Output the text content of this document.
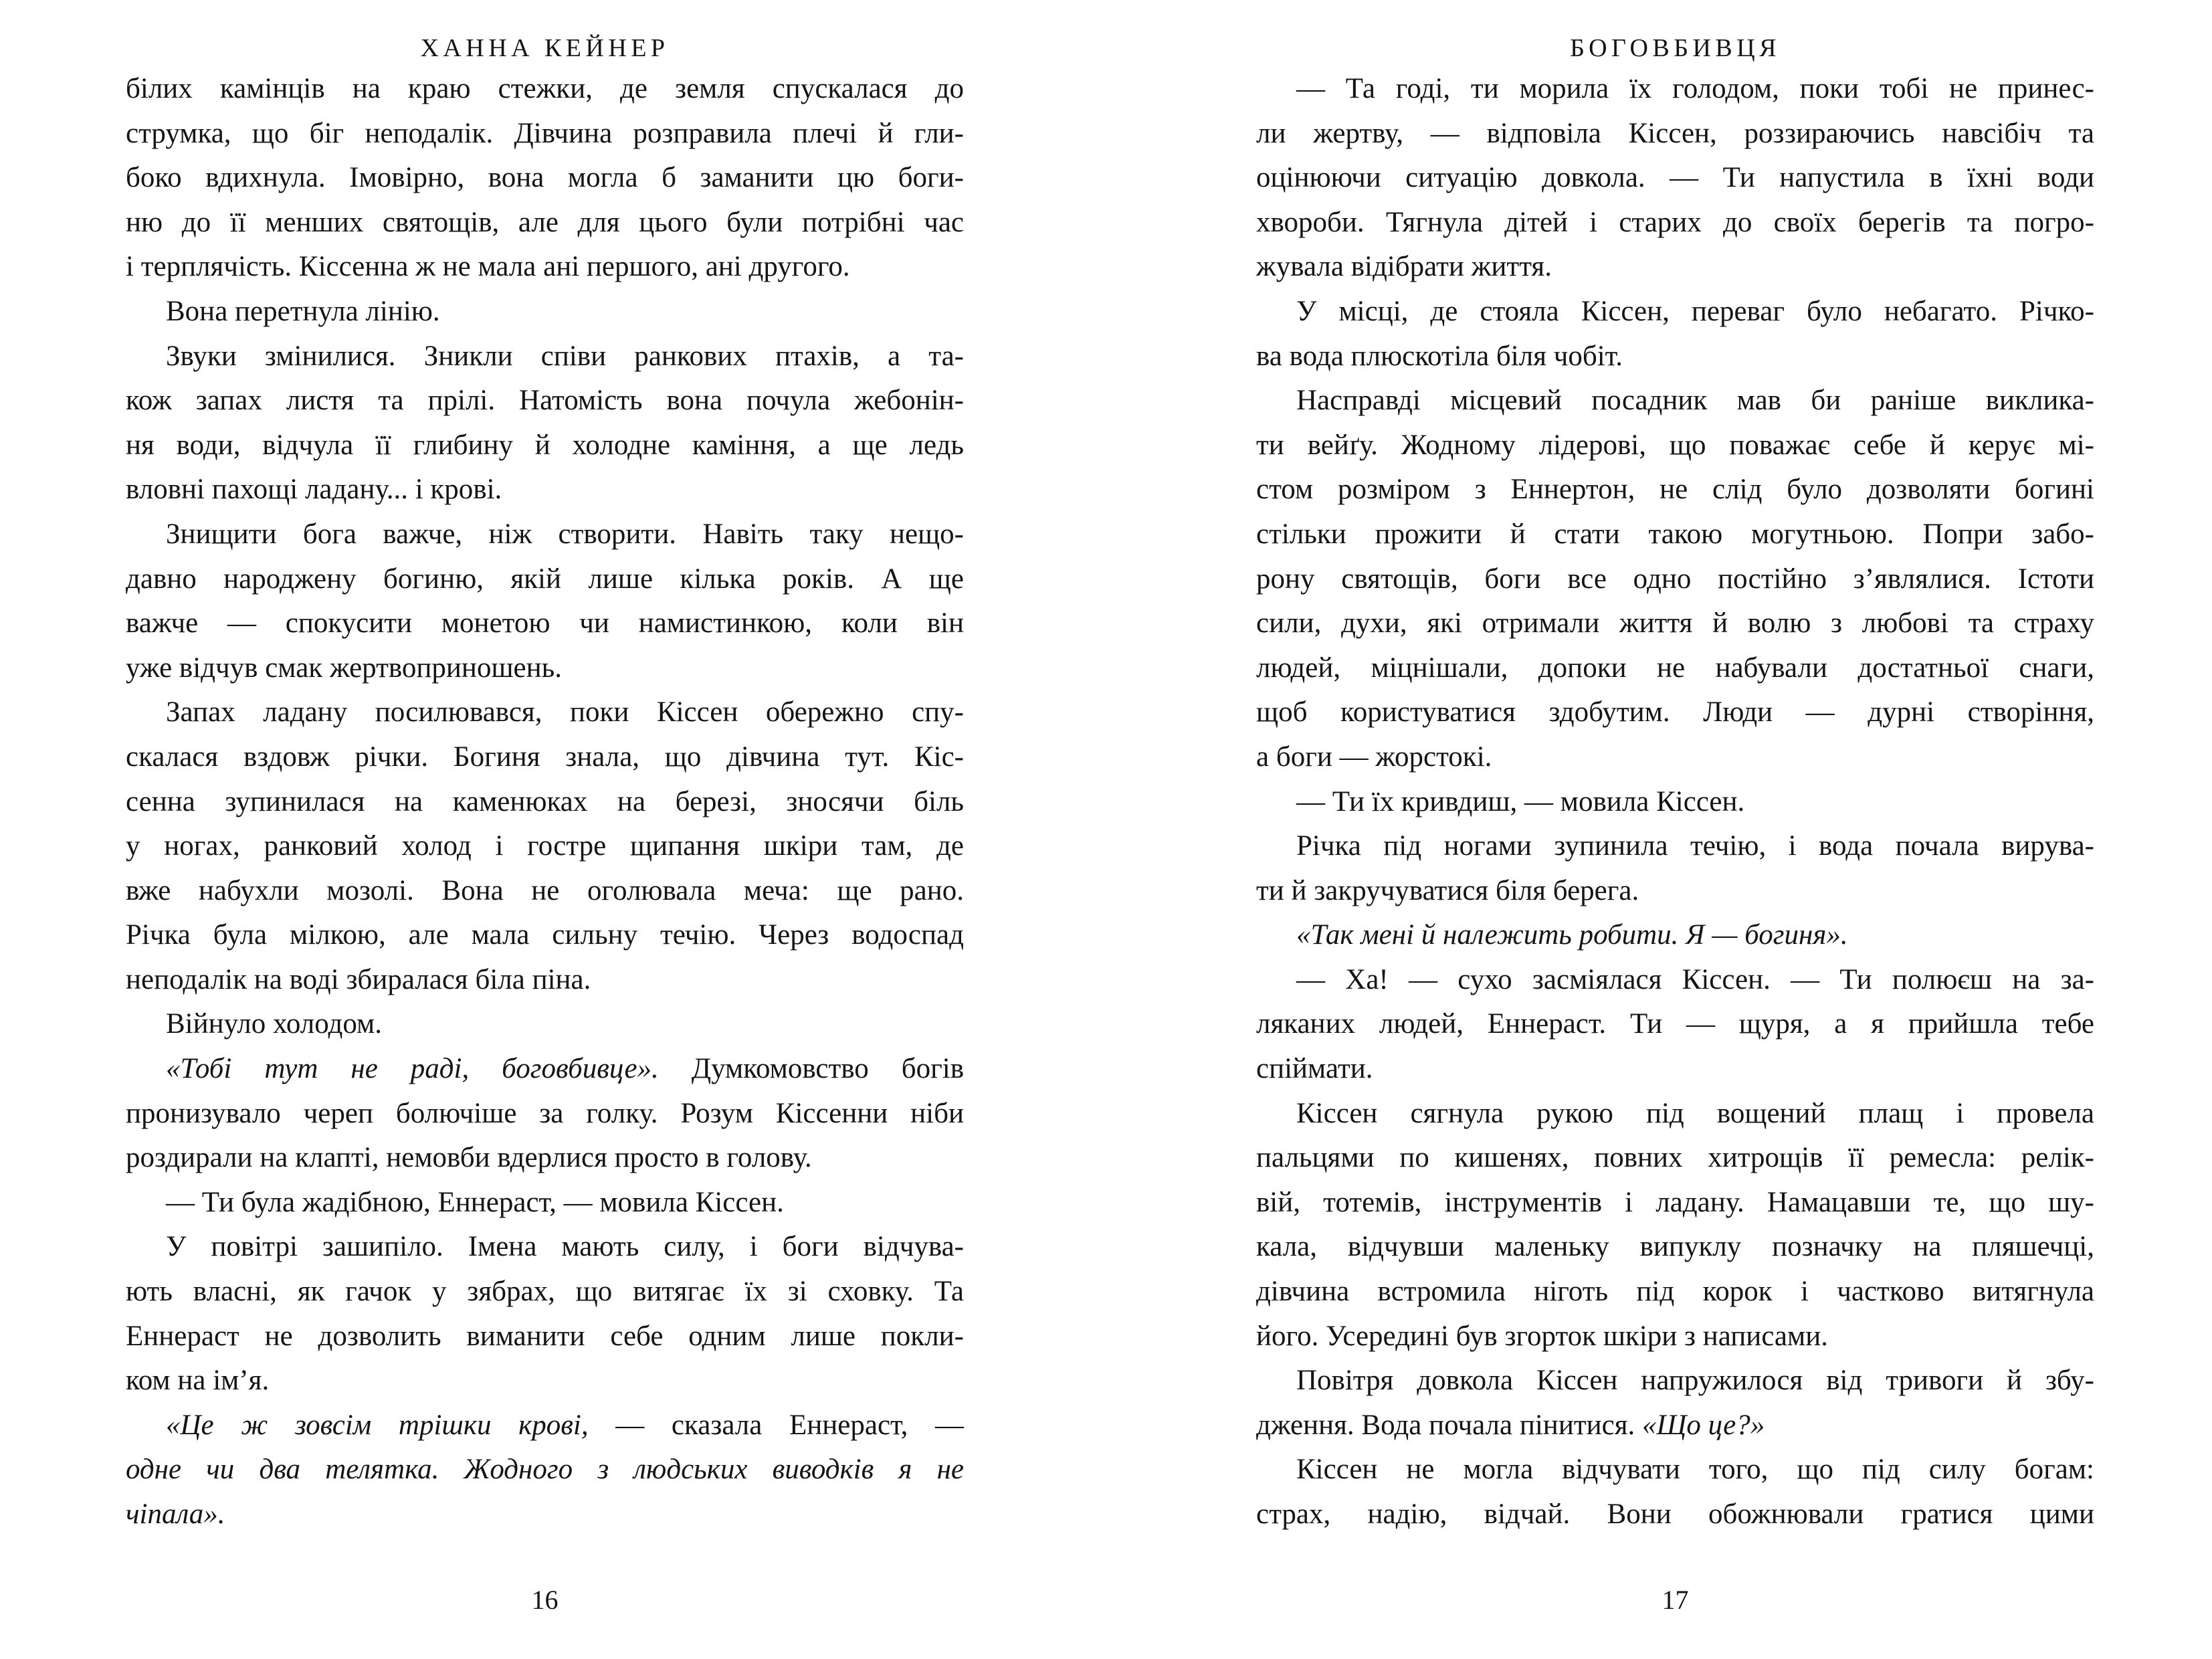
ХАННА КЕЙНЕР
білих камінців на краю стежки, де земля спускалася до
струмка, що біг неподалік. Дівчина розправила плечі й гли-
боко вдихнула. Імовірно, вона могла б заманити цю боги-
ню до її менших святощів, але для цього були потрібні час
і терплячість. Кіссенна ж не мала ані першого, ані другого.
Вона перетнула лінію.
Звуки змінилися. Зникли співи ранкових птахів, а та-
кож запах листя та прілі. Натомість вона почула жебонін-
ня води, відчула її глибину й холодне каміння, а ще ледь
вловні пахощі ладану... і крові.
Знищити бога важче, ніж створити. Навіть таку нещо-
давно народжену богиню, якій лише кілька років. А ще
важче — спокусити монетою чи намистинкою, коли він
уже відчув смак жертвоприношень.
Запах ладану посилювався, поки Кіссен обережно спу-
скалася вздовж річки. Богиня знала, що дівчина тут. Кіс-
сенна зупинилася на каменюках на березі, зносячи біль
у ногах, ранковий холод і гостре щипання шкіри там, де
вже набухли мозолі. Вона не оголювала меча: ще рано.
Річка була мілкою, але мала сильну течію. Через водоспад
неподалік на воді збиралася біла піна.
Війнуло холодом.
«Тобі тут не раді, боговбивце». Думкомовство богів
пронизувало череп болючіше за голку. Розум Кіссенни ніби
роздирали на клапті, немовби вдерлися просто в голову.
— Ти була жадібною, Еннераст, — мовила Кіссен.
У повітрі зашипіло. Імена мають силу, і боги відчува-
ють власні, як гачок у зябрах, що витягає їх зі сховку. Та
Еннераст не дозволить виманити себе одним лише покли-
ком на ім’я.
«Це ж зовсім трішки крові, — сказала Еннераст, —
одне чи два телятка. Жодного з людських виводків я не
чіпала».
16
БОГОВБИВЦЯ
— Та годі, ти морила їх голодом, поки тобі не принес-
ли жертву, — відповіла Кіссен, роззираючись навсібіч та
оцінюючи ситуацію довкола. — Ти напустила в їхні води
хвороби. Тягнула дітей і старих до своїх берегів та погро-
жувала відібрати життя.
У місці, де стояла Кіссен, переваг було небагато. Річко-
ва вода плюскотіла біля чобіт.
Насправді місцевий посадник мав би раніше виклика-
ти вейґу. Жодному лідерові, що поважає себе й керує мі-
стом розміром з Еннертон, не слід було дозволяти богині
стільки прожити й стати такою могутньою. Попри забо-
рону святощів, боги все одно постійно з’являлися. Істоти
сили, духи, які отримали життя й волю з любові та страху
людей, міцнішали, допоки не набували достатньої снаги,
щоб користуватися здобутим. Люди — дурні створіння,
а боги — жорстокі.
— Ти їх кривдиш, — мовила Кіссен.
Річка під ногами зупинила течію, і вода почала вирува-
ти й закручуватися біля берега.
«Так мені й належить робити. Я — богиня».
— Ха! — сухо засміялася Кіссен. — Ти полюєш на за-
ляканих людей, Еннераст. Ти — щуря, а я прийшла тебе
спіймати.
Кіссен сягнула рукою під вощений плащ і провела
пальцями по кишенях, повних хитрощів її ремесла: релік-
вій, тотемів, інструментів і ладану. Намацавши те, що шу-
кала, відчувши маленьку випуклу позначку на пляшечці,
дівчина встромила ніготь під корок і частково витягнула
його. Усередині був згорток шкіри з написами.
Повітря довкола Кіссен напружилося від тривоги й збу-
дження. Вода почала пінитися. «Що це?»
Кіссен не могла відчувати того, що під силу богам:
страх, надію, відчай. Вони обожнювали гратися цими
17
